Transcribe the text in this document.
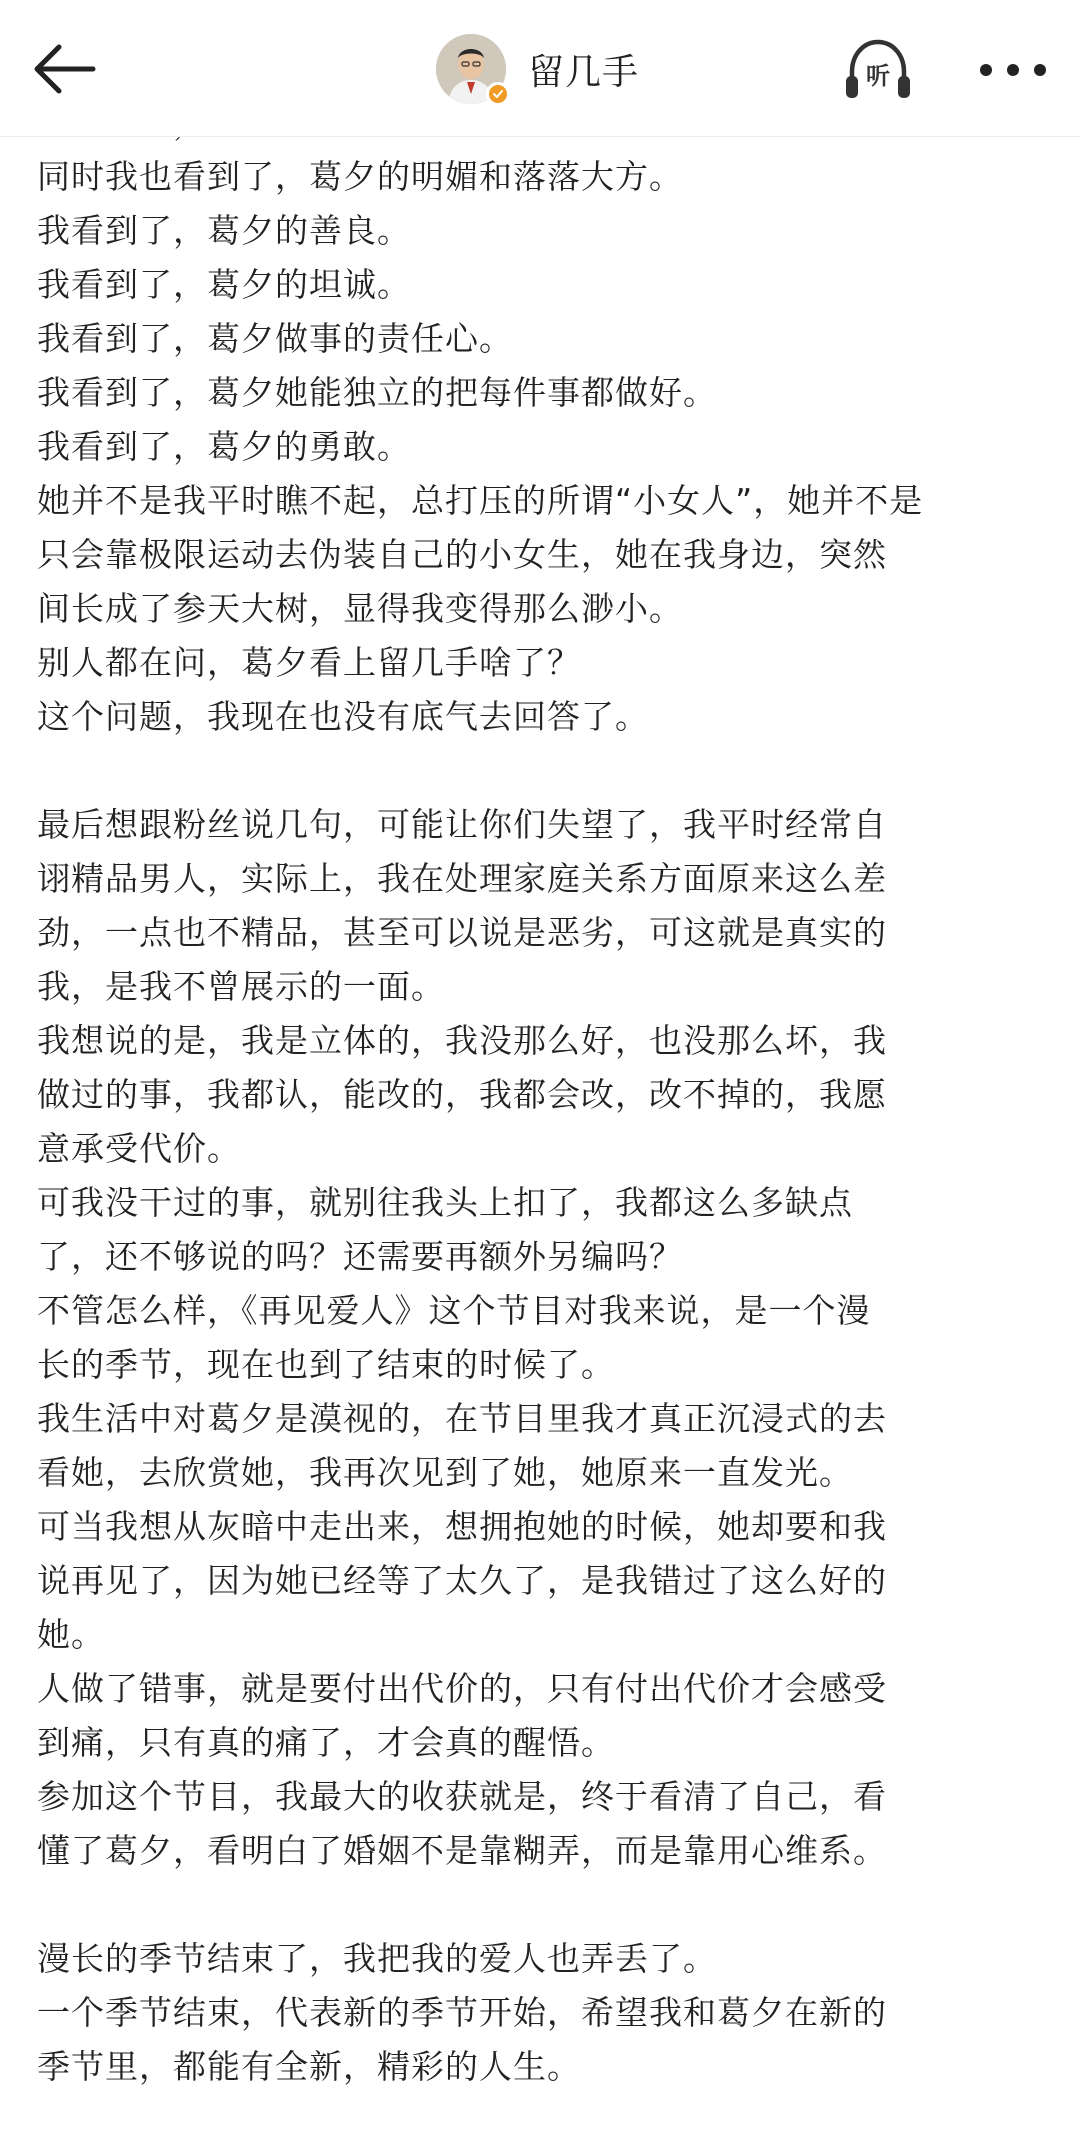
留几手	听
同时我也看到了，葛夕的明媚和落落大方。
我看到了，葛夕的善良。
我看到了，葛夕的坦诚。
我看到了，葛夕做事的责任心。
我看到了，葛夕她能独立的把每件事都做好。
我看到了，葛夕的勇敢。
她并不是我平时瞧不起，总打压的所谓“小女人”，她并不是
只会靠极限运动去伪装自己的小女生，她在我身边，突然
间长成了参天大树，显得我变得那么渺小。
别人都在问，葛夕看上留几手啥了？
这个问题，我现在也没有底气去回答了。
最后想跟粉丝说几句，可能让你们失望了，我平时经常自
诩精品男人，实际上，我在处理家庭关系方面原来这么差
劲，一点也不精品，甚至可以说是恶劣，可这就是真实的
我，是我不曾展示的一面。
我想说的是，我是立体的，我没那么好，也没那么坏，我
做过的事，我都认，能改的，我都会改，改不掉的，我愿
意承受代价。
可我没干过的事，就别往我头上扣了，我都这么多缺点
了，还不够说的吗？还需要再额外另编吗？
不管怎么样，《再见爱人》这个节目对我来说，是一个漫
长的季节，现在也到了结束的时候了。
我生活中对葛夕是漠视的，在节目里我才真正沉浸式的去
看她，去欣赏她，我再次见到了她，她原来一直发光。
可当我想从灰暗中走出来，想拥抱她的时候，她却要和我
说再见了，因为她已经等了太久了，是我错过了这么好的
她。
人做了错事，就是要付出代价的，只有付出代价才会感受
到痛，只有真的痛了，才会真的醒悟。
参加这个节目，我最大的收获就是，终于看清了自己，看
懂了葛夕，看明白了婚姻不是靠糊弄，而是靠用心维系。
漫长的季节结束了，我把我的爱人也弄丢了。
一个季节结束，代表新的季节开始，希望我和葛夕在新的
季节里，都能有全新，精彩的人生。
